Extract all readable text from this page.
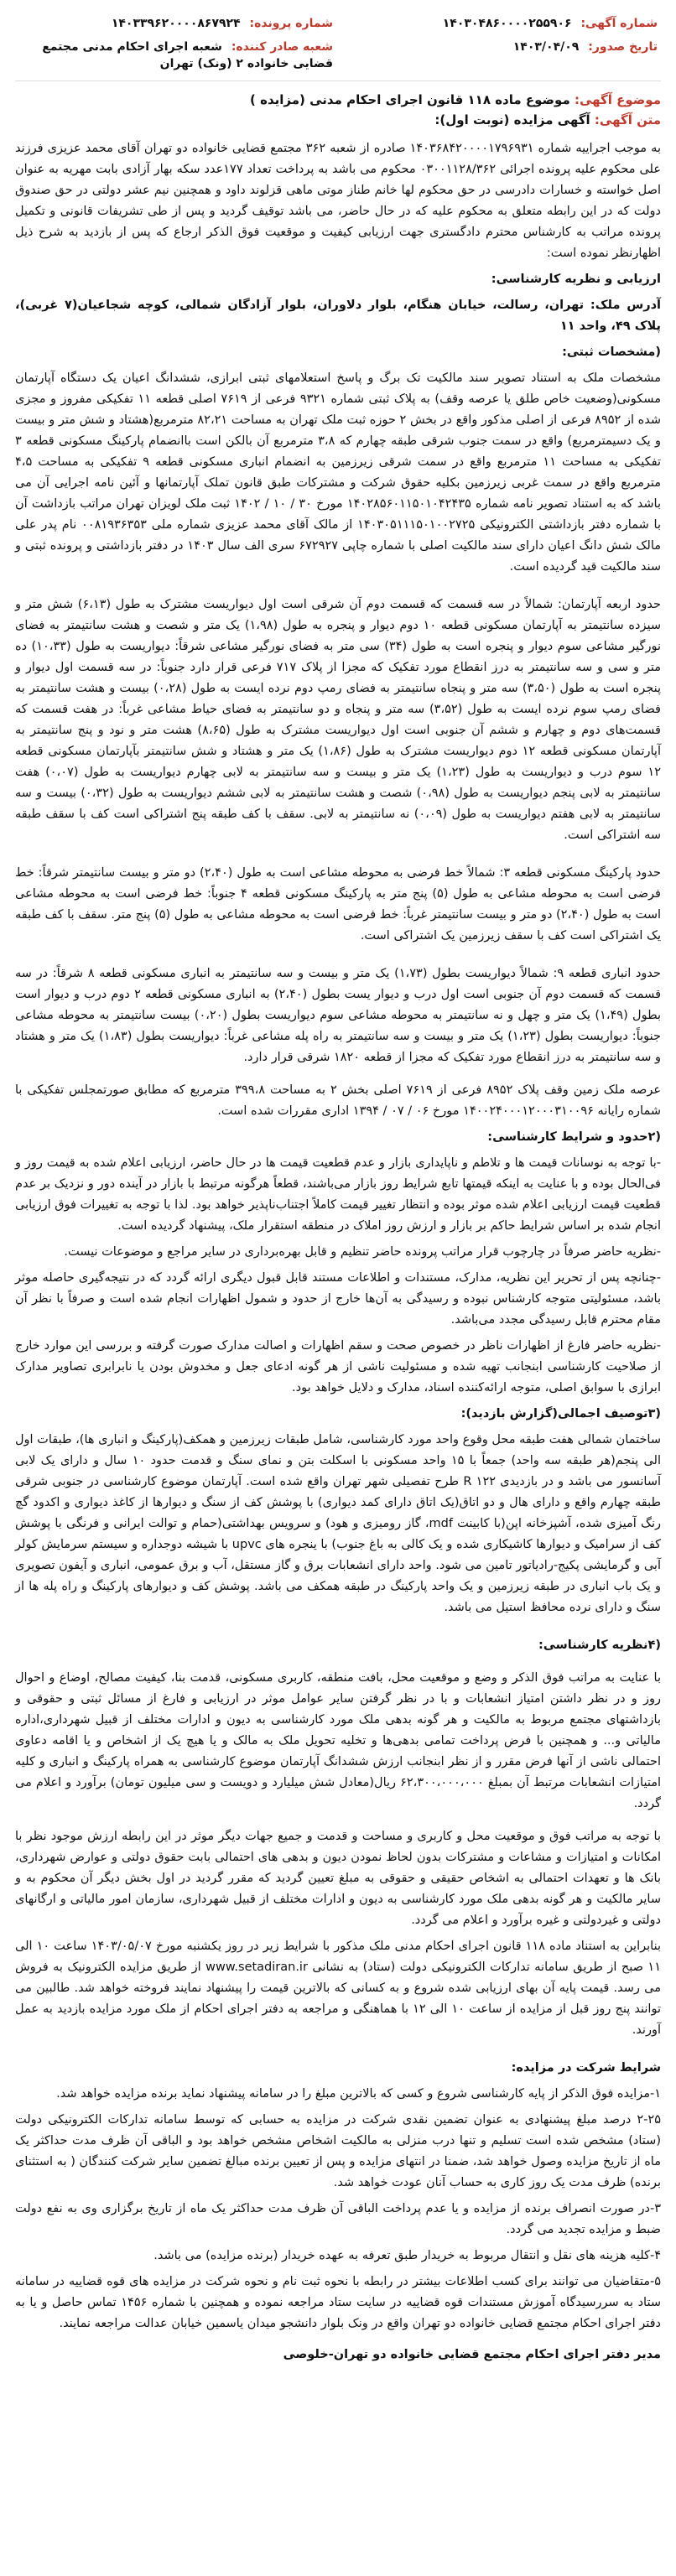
شماره آگهی: ۱۴۰۳۰۴۸۶۰۰۰۰۲۵۵۹۰۶
شماره پرونده: ۱۴۰۳۳۹۶۲۰۰۰۰۸۶۷۹۲۴
تاریخ صدور: ۱۴۰۳/۰۴/۰۹
شعبه صادر کننده: شعبه اجرای احکام مدنی مجتمع قضایی خانواده ۲ (ونک) تهران
موضوع آگهی: موضوع ماده ۱۱۸ قانون اجرای احکام مدنی (مزایده )
متن آگهی: آگهی مزایده (نوبت اول):

به موجب اجراییه شماره ۱۴۰۳۶۸۴۲۰۰۰۰۱۷۹۶۹۳۱ صادره از شعبه ۳۶۲ مجتمع قضایی خانواده دو تهران آقای محمد عزیزی فرزند علی محکوم علیه پرونده اجرائی ۰۳۰۰۱۱۲۸/۳۶۲ محکوم می باشد به پرداخت تعداد ۱۷۷عدد سکه بهار آزادی بابت مهریه به عنوان اصل خواسته و خسارات دادرسی در حق محکوم لها خانم طناز موتی ماهی قزلوند داود و همچنین نیم عشر دولتی در حق صندوق دولت که در این رابطه متعلق به محکوم علیه که در حال حاضر، می باشد توقیف گردید و پس از طی تشریفات قانونی و تکمیل پرونده مراتب به کارشناس محترم دادگستری جهت ارزیابی کیفیت و موقعیت فوق الذکر ارجاع که پس از بازدید به شرح ذیل اظهارنظر نموده است:

ارزیابی و نظریه کارشناسی:

آدرس ملک: تهران، رسالت، خیابان هنگام، بلوار دلاوران، بلوار آزادگان شمالی، کوچه شجاعیان(۷ غربی)، پلاک ۴۹، واحد ۱۱

(مشخصات ثبتی:

مشخصات ملک به استناد تصویر سند مالکیت تک برگ و پاسخ استعلامهای ثبتی ابرازی، ششدانگ اعیان یک دستگاه آپارتمان مسکونی(وضعیت خاص طلق یا عرصه وقف) به پلاک ثبتی شماره ۹۳۲۱ فرعی از ۷۶۱۹ اصلی قطعه ۱۱ تفکیکی مفروز و مجزی شده از ۸۹۵۲ فرعی از اصلی مذکور واقع در بخش ۲ حوزه ثبت ملک تهران به مساحت ۸۲،۲۱ مترمربع(هشتاد و شش متر و بیست و یک دسیمترمربع) واقع در سمت جنوب شرقی طبقه چهارم که ۳،۸ مترمربع آن بالکن است باانضمام پارکینگ مسکونی قطعه ۳ تفکیکی به مساحت ۱۱ مترمربع واقع در سمت شرقی زیرزمین به انضمام انباری مسکونی قطعه ۹ تفکیکی به مساحت ۴،۵ مترمربع واقع در سمت غربی زیرزمین بکلیه حقوق شرکت و مشترکات طبق قانون تملک آپارتمانها و آئین نامه اجرایی آن می باشد که به استناد تصویر نامه شماره ۱۴۰۲۸۵۶۰۱۱۵۰۱۰۴۲۴۳۵ مورخ ۳۰ / ۱۰ / ۱۴۰۲ ثبت ملک لویزان تهران مراتب بازداشت آن با شماره دفتر بازداشتی الکترونیکی ۱۴۰۳۰۵۱۱۱۵۰۱۰۰۲۷۲۵ از مالک آقای محمد عزیزی شماره ملی ۰۰۸۱۹۳۶۳۵۳ نام پدر علی مالک شش دانگ اعیان دارای سند مالکیت اصلی با شماره چاپی ۶۷۲۹۲۷ سری الف سال ۱۴۰۳ در دفتر بازداشتی و پرونده ثبتی و سند مالکیت قید گردیده است.

حدود اربعه آپارتمان: شمالاً در سه قسمت که قسمت دوم آن شرقی است اول دیواریست مشترک به طول (۶،۱۳) شش متر و سیزده سانتیمتر به آپارتمان مسکونی قطعه ۱۰ دوم دیوار و پنجره به طول (۱،۹۸) یک متر و شصت و هشت سانتیمتر به فضای نورگیر مشاعی سوم دیوار و پنجره است به طول (۳۴) سی متر به فضای نورگیر مشاعی شرقاً: دیواریست به طول (۱۰،۳۳) ده متر و سی و سه سانتیمتر به درز انقطاع مورد تفکیک که مجزا از پلاک ۷۱۷ فرعی قرار دارد جنوباً: در سه قسمت اول دیوار و پنجره است به طول (۳،۵۰) سه متر و پنجاه سانتیمتر به فضای رمپ دوم نرده ایست به طول (۰،۲۸) بیست و هشت سانتیمتر به فضای رمپ سوم نرده ایست به طول (۳،۵۲) سه متر و پنجاه و دو سانتیمتر به فضای حیاط مشاعی غرباً: در هفت قسمت که قسمت‌های دوم و چهارم و ششم آن جنوبی است اول دیواریست مشترک به طول (۸،۶۵) هشت متر و نود و پنج سانتیمتر به آپارتمان مسکونی قطعه ۱۲ دوم دیواریست مشترک به طول (۱،۸۶) یک متر و هشتاد و شش سانتیمتر بآپارتمان مسکونی قطعه ۱۲ سوم درب و دیواریست به طول (۱،۲۳) یک متر و بیست و سه سانتیمتر به لابی چهارم دیواریست به طول (۰،۰۷) هفت سانتیمتر به لابی پنجم دیواریست به طول (۰،۹۸) شصت و هشت سانتیمتر به لابی ششم دیواریست به طول (۰،۳۲) بیست و سه سانتیمتر به لابی هفتم دیواریست به طول (۰،۰۹) نه سانتیمتر به لابی. سقف با کف طبقه پنج اشتراکی است کف با سقف طبقه سه اشتراکی است.

حدود پارکینگ مسکونی قطعه ۳: شمالاً خط فرضی به محوطه مشاعی است به طول (۲،۴۰) دو متر و بیست سانتیمتر شرقاً: خط فرضی است به محوطه مشاعی به طول (۵) پنج متر به پارکینگ مسکونی قطعه ۴ جنوباً: خط فرضی است به محوطه مشاعی است به طول (۲،۴۰) دو متر و بیست سانتیمتر غرباً: خط فرضی است به محوطه مشاعی به طول (۵) پنج متر. سقف با کف طبقه یک اشتراکی است کف با سقف زیرزمین یک اشتراکی است.

حدود انباری قطعه ۹: شمالاً دیواریست بطول (۱،۷۳) یک متر و بیست و سه سانتیمتر به انباری مسکونی قطعه ۸ شرقاً: در سه قسمت که قسمت دوم آن جنوبی است اول درب و دیوار یست بطول (۲،۴۰) به انباری مسکونی قطعه ۲ دوم درب و دیوار است بطول (۱،۴۹) یک متر و چهل و نه سانتیمتر به محوطه مشاعی سوم دیواریست بطول (۰،۲۰) بیست سانتیمتر به محوطه مشاعی جنوباً: دیواریست بطول (۱،۲۳) یک متر و بیست و سه سانتیمتر به راه پله مشاعی غرباً: دیواریست بطول (۱،۸۳) یک متر و هشتاد و سه سانتیمتر به درز انقطاع مورد تفکیک که مجزا از قطعه ۱۸۲۰ شرقی قرار دارد.

عرصه ملک زمین وقف پلاک ۸۹۵۲ فرعی از ۷۶۱۹ اصلی بخش ۲ به مساحت ۳۹۹،۸ مترمربع که مطابق صورتمجلس تفکیکی با شماره رایانه ۱۴۰۰۲۴۰۰۰۱۲۰۰۰۳۱۰۰۹۶ مورخ ۰۶ / ۰۷ / ۱۳۹۴ اداری مقررات شده است.

(۲حدود و شرایط کارشناسی:

-با توجه به نوسانات قیمت ها و تلاطم و ناپایداری بازار و عدم قطعیت قیمت ها در حال حاضر، ارزیابی اعلام شده به قیمت روز و فی‌الحال بوده و با عنایت به اینکه قیمتها تابع شرایط روز بازار می‌باشند، قطعاً هرگونه مرتبط با بازار در آینده دور و نزدیک بر عدم قطعیت قیمت ارزیابی اعلام شده موثر بوده و انتظار تغییر قیمت کاملاً اجتناب‌ناپذیر خواهد بود. لذا با توجه به تغییرات فوق ارزیابی انجام شده بر اساس شرایط حاکم بر بازار و ارزش روز املاک در منطقه استقرار ملک، پیشنهاد گردیده است.

-نظریه حاضر صرفاً در چارچوب قرار مراتب پرونده حاضر تنظیم و قابل بهره‌برداری در سایر مراجع و موضوعات نیست.

-چنانچه پس از تحریر این نظریه، مدارک، مستندات و اطلاعات مستند قابل قبول دیگری ارائه گردد که در نتیجه‌گیری حاصله موثر باشد، مسئولیتی متوجه کارشناس نبوده و رسیدگی به آن‌ها خارج از حدود و شمول اظهارات انجام شده است و صرفاً با نظر آن مقام محترم قابل رسیدگی مجدد می‌باشد.

-نظریه حاضر فارغ از اظهارات ناظر در خصوص صحت و سقم اظهارات و اصالت مدارک صورت گرفته و بررسی این موارد خارج از صلاحیت کارشناسی ابنجانب تهیه شده و مسئولیت ناشی از هر گونه ادعای جعل و مخدوش بودن یا نابرابری تصاویر مدارک ابرازی با سوابق اصلی، متوجه ارائه‌کننده اسناد، مدارک و دلایل خواهد بود.

(۳توصیف اجمالی(گزارش بازدید):

ساختمان شمالی هفت طبقه محل وقوع واحد مورد کارشناسی، شامل طبقات زیرزمین و همکف(پارکینگ و انباری ها)، طبقات اول الی پنجم(هر طبقه سه واحد) جمعاً با ۱۵ واحد مسکونی با اسکلت بتن و نمای سنگ و قدمت حدود ۱۰ سال و دارای یک لابی آسانسور می باشد و در بازدیدی ۱۲۲ R طرح تفصیلی شهر تهران واقع شده است. آپارتمان موضوع کارشناسی در جنوبی شرقی طبقه چهارم واقع و دارای هال و دو اتاق(یک اتاق دارای کمد دیواری) با پوشش کف از سنگ و دیوارها از کاغذ دیواری و اکدود گچ رنگ آمیزی شده، آشپزخانه اپن(با کابینت mdf، گاز رومیزی و هود) و سرویس بهداشتی(حمام و توالت ایرانی و فرنگی با پوشش کف از سرامیک و دیوارها کاشیکاری شده و یک کالی به باغ جنوب) با ینجره های upvc با شیشه دوجداره و سیستم سرمایش کولر آبی و گرمایشی پکیج-رادیاتور تامین می شود. واحد دارای انشعابات برق و گاز مستقل، آب و برق عمومی، انباری و آیفون تصویری و یک باب انباری در طبقه زیرزمین و یک واحد پارکینگ در طبقه همکف می باشد. پوشش کف و دیوارهای پارکینگ و راه پله ها از سنگ و دارای نرده محافظ استیل می باشد.

(۴نظریه کارشناسی:

با عنایت به مراتب فوق الذکر و وضع و موقعیت محل، بافت منطقه، کاربری مسکونی، قدمت بنا، کیفیت مصالح، اوضاع و احوال روز و در نظر داشتن امتیاز انشعابات و با در نظر گرفتن سایر عوامل موثر در ارزیابی و فارغ از مسائل ثبتی و حقوقی و بازداشتهای مجتمع مربوط به مالکیت و هر گونه بدهی ملک مورد کارشناسی به دیون و ادارات مختلف از قبیل شهرداری،اداره مالیاتی و... و همچنین با فرض پرداخت تمامی بدهی‌ها و تخلیه تحویل ملک به مالک و یا هیچ یک از اشخاص و یا اقامه دعاوی احتمالی ناشی از آنها فرض مقرر و از نظر ابنجانب ارزش ششدانگ آپارتمان موضوع کارشناسی به همراه پارکینگ و انباری و کلیه امتیازات انشعابات مرتبط آن بمبلغ ۶۲،۳۰۰،۰۰۰،۰۰۰ ریال(معادل شش میلیارد و دویست و سی میلیون تومان) برآورد و اعلام می گردد.

با توجه به مراتب فوق و موقعیت محل و کاربری و مساحت و قدمت و جمیع جهات دیگر موثر در این رابطه ارزش موجود نظر با امکانات و امتیازات و مشاعات و مشترکات بدون لحاظ نمودن دیون و بدهی های احتمالی بابت حقوق دولتی و عوارض شهرداری، بانک ها و تعهدات احتمالی به اشخاص حقیقی و حقوقی به مبلغ تعیین گردید که مقرر گردید در اول بخش دیگر آن محکوم به و سایر مالکیت و هر گونه بدهی ملک مورد کارشناسی به دیون و ادارات مختلف از قبیل شهرداری، سازمان امور مالیاتی و ارگانهای دولتی و غیردولتی و غیره برآورد و اعلام می گردد.

بنابراین به استناد ماده ۱۱۸ قانون اجرای احکام مدنی ملک مذکور با شرایط زیر در روز یکشنبه مورخ ۱۴۰۳/۰۵/۰۷ ساعت ۱۰ الی ۱۱ صبح از طریق سامانه تدارکات الکترونیکی دولت (ستاد) به نشانی www.setadiran.ir از طریق مزایده الکترونیک به فروش می رسد. قیمت پایه آن بهای ارزیابی شده شروع و به کسانی که بالاترین قیمت را پیشنهاد نمایند فروخته خواهد شد. طالبین می توانند پنج روز قبل از مزایده از ساعت ۱۰ الی ۱۲ با هماهنگی و مراجعه به دفتر اجرای احکام از ملک مورد مزایده بازدید به عمل آورند.

شرایط شرکت در مزایده:

۱-مزایده فوق الذکر از پایه کارشناسی شروع و کسی که بالاترین مبلغ را در سامانه پیشنهاد نماید برنده مزایده خواهد شد.

۲-۲۵ درصد مبلغ پیشنهادی به عنوان تضمین نقدی شرکت در مزایده به حسابی که توسط سامانه تدارکات الکترونیکی دولت (ستاد) مشخص شده است تسلیم و تنها درب منزلی به مالکیت اشخاص مشخص خواهد بود و الباقی آن ظرف مدت حداکثر یک ماه از تاریخ مزایده وصول خواهد شد، ضمنا در انتهای مزایده و پس از تعیین برنده مبالغ تضمین سایر شرکت کنندگان ( به استثنای برنده) ظرف مدت یک روز کاری به حساب آنان عودت خواهد شد.

۳-در صورت انصراف برنده از مزایده و یا عدم پرداخت الباقی آن ظرف مدت حداکثر یک ماه از تاریخ برگزاری وی به نفع دولت ضبط و مزایده تجدید می گردد.

۴-کلیه هزینه های نقل و انتقال مربوط به خریدار طبق تعرفه به عهده خریدار (برنده مزایده) می باشد.

۵-متقاضیان می توانند برای کسب اطلاعات بیشتر در رابطه با نحوه ثبت نام و نحوه شرکت در مزایده های قوه قضاییه در سامانه ستاد به سررسیدگاه آموزش مستندات قوه قضاییه در سایت ستاد مراجعه نموده و همچنین با شماره ۱۴۵۶ تماس حاصل و یا به دفتر اجرای احکام مجتمع قضایی خانواده دو تهران واقع در ونک بلوار دانشجو میدان یاسمین خیابان عدالت مراجعه نمایند.

مدیر دفتر اجرای احکام مجتمع قضایی خانواده دو تهران-خلوصی
